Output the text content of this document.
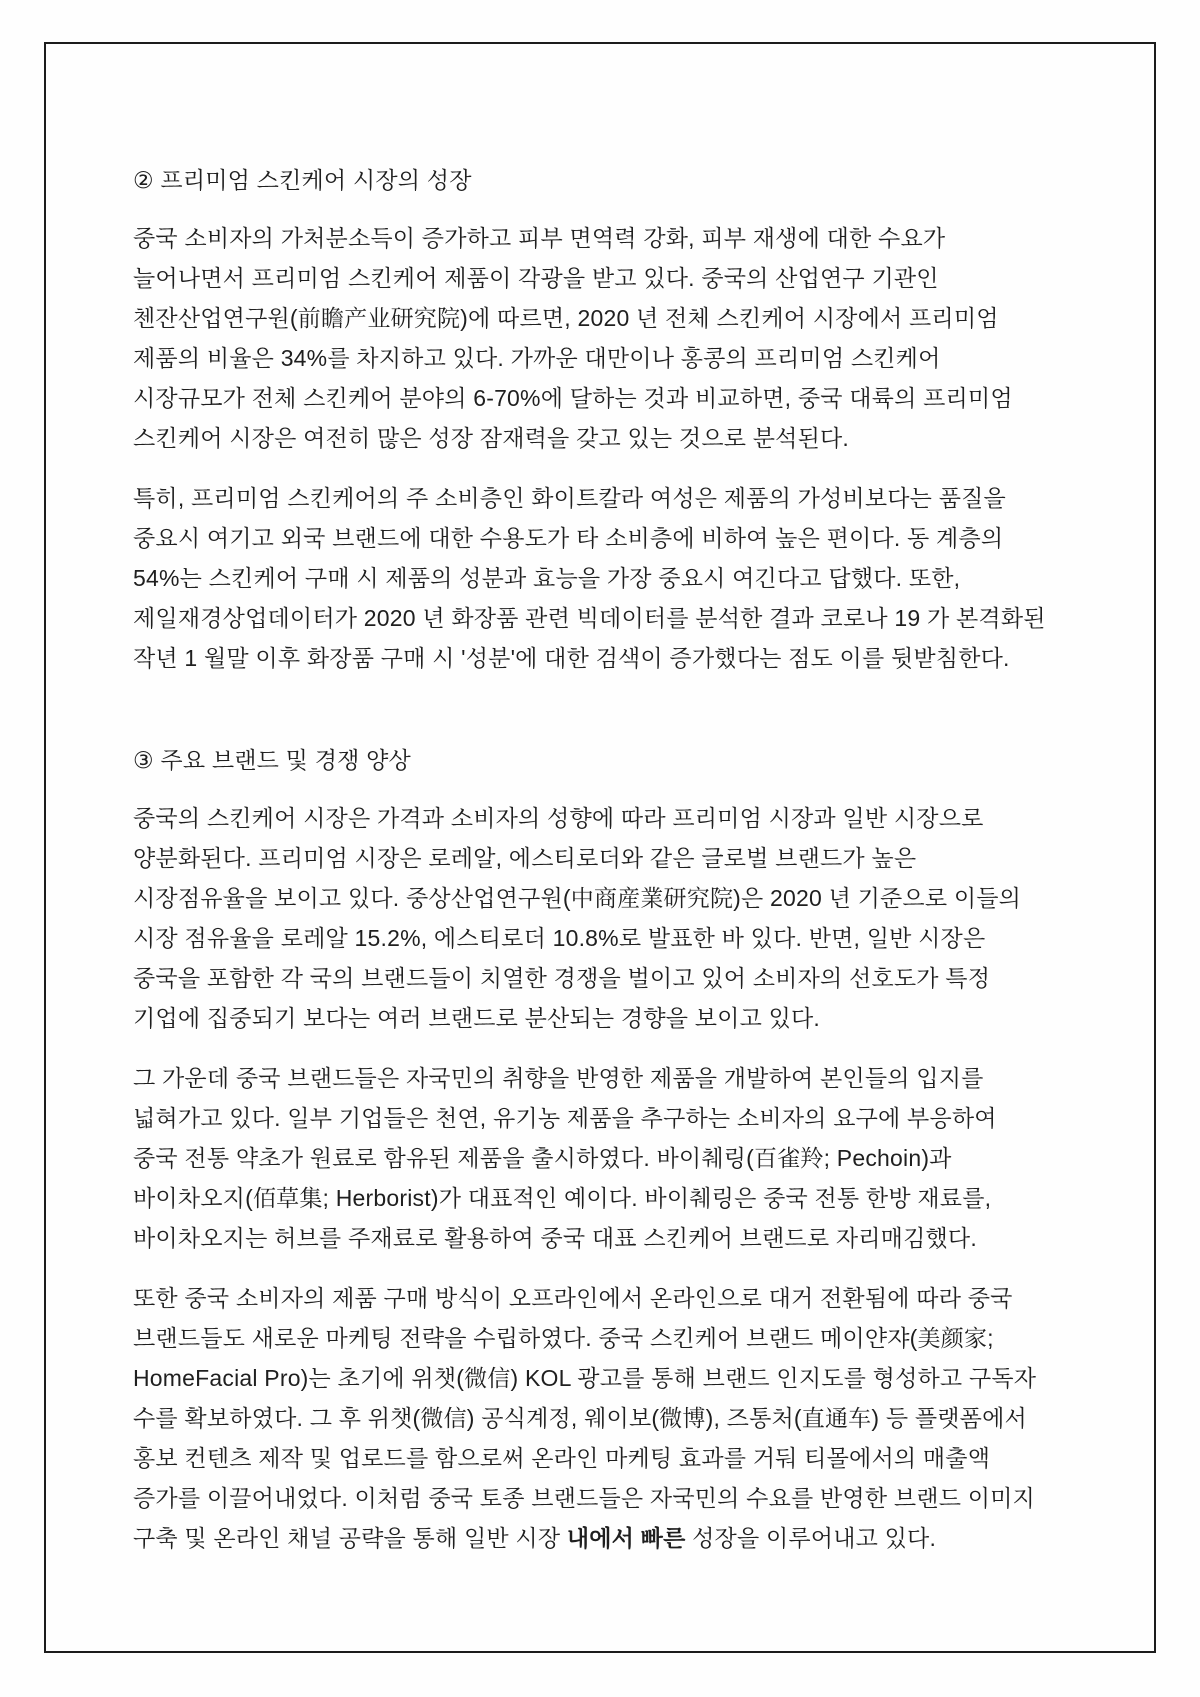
② 프리미엄 스킨케어 시장의 성장
중국 소비자의 가처분소득이 증가하고 피부 면역력 강화, 피부 재생에 대한 수요가
늘어나면서 프리미엄 스킨케어 제품이 각광을 받고 있다. 중국의 산업연구 기관인
첸잔산업연구원(前瞻产业研究院)에 따르면, 2020 년 전체 스킨케어 시장에서 프리미엄
제품의 비율은 34%를 차지하고 있다. 가까운 대만이나 홍콩의 프리미엄 스킨케어
시장규모가 전체 스킨케어 분야의 6-70%에 달하는 것과 비교하면, 중국 대륙의 프리미엄
스킨케어 시장은 여전히 많은 성장 잠재력을 갖고 있는 것으로 분석된다.
특히, 프리미엄 스킨케어의 주 소비층인 화이트칼라 여성은 제품의 가성비보다는 품질을
중요시 여기고 외국 브랜드에 대한 수용도가 타 소비층에 비하여 높은 편이다. 동 계층의
54%는 스킨케어 구매 시 제품의 성분과 효능을 가장 중요시 여긴다고 답했다. 또한,
제일재경상업데이터가 2020 년 화장품 관련 빅데이터를 분석한 결과 코로나 19 가 본격화된
작년 1 월말 이후 화장품 구매 시 '성분'에 대한 검색이 증가했다는 점도 이를 뒷받침한다.
③ 주요 브랜드 및 경쟁 양상
중국의 스킨케어 시장은 가격과 소비자의 성향에 따라 프리미엄 시장과 일반 시장으로
양분화된다. 프리미엄 시장은 로레알, 에스티로더와 같은 글로벌 브랜드가 높은
시장점유율을 보이고 있다. 중상산업연구원(中商産業研究院)은 2020 년 기준으로 이들의
시장 점유율을 로레알 15.2%, 에스티로더 10.8%로 발표한 바 있다. 반면, 일반 시장은
중국을 포함한 각 국의 브랜드들이 치열한 경쟁을 벌이고 있어 소비자의 선호도가 특정
기업에 집중되기 보다는 여러 브랜드로 분산되는 경향을 보이고 있다.
그 가운데 중국 브랜드들은 자국민의 취향을 반영한 제품을 개발하여 본인들의 입지를
넓혀가고 있다. 일부 기업들은 천연, 유기농 제품을 추구하는 소비자의 요구에 부응하여
중국 전통 약초가 원료로 함유된 제품을 출시하였다. 바이췌링(百雀羚; Pechoin)과
바이차오지(佰草集; Herborist)가 대표적인 예이다. 바이췌링은 중국 전통 한방 재료를,
바이차오지는 허브를 주재료로 활용하여 중국 대표 스킨케어 브랜드로 자리매김했다.
또한 중국 소비자의 제품 구매 방식이 오프라인에서 온라인으로 대거 전환됨에 따라 중국
브랜드들도 새로운 마케팅 전략을 수립하였다. 중국 스킨케어 브랜드 메이얀쟈(美颜家;
HomeFacial Pro)는 초기에 위챗(微信) KOL 광고를 통해 브랜드 인지도를 형성하고 구독자
수를 확보하였다. 그 후 위챗(微信) 공식계정, 웨이보(微博), 즈통처(直通车) 등 플랫폼에서
홍보 컨텐츠 제작 및 업로드를 함으로써 온라인 마케팅 효과를 거둬 티몰에서의 매출액
증가를 이끌어내었다. 이처럼 중국 토종 브랜드들은 자국민의 수요를 반영한 브랜드 이미지
구축 및 온라인 채널 공략을 통해 일반 시장 내에서 빠른 성장을 이루어내고 있다.
